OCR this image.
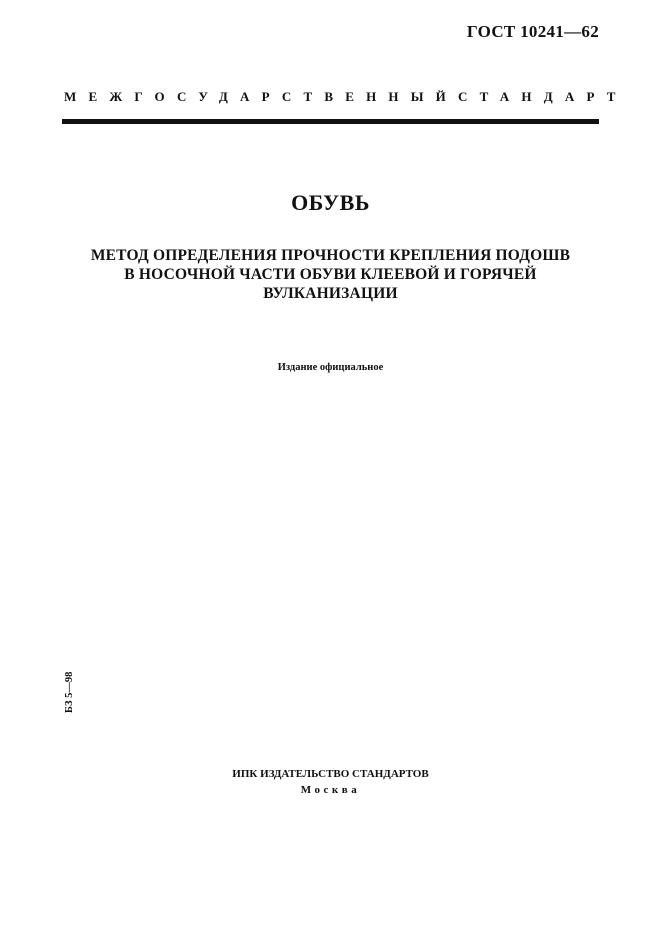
ГОСТ 10241—62
МЕЖГОСУДАРСТВЕННЫЙ СТАНДАРТ
ОБУВЬ
МЕТОД ОПРЕДЕЛЕНИЯ ПРОЧНОСТИ КРЕПЛЕНИЯ ПОДОШВ
В НОСОЧНОЙ ЧАСТИ ОБУВИ КЛЕЕВОЙ И ГОРЯЧЕЙ
ВУЛКАНИЗАЦИИ
Издание официальное
БЗ 5—98
ИПК ИЗДАТЕЛЬСТВО СТАНДАРТОВ
Москва
